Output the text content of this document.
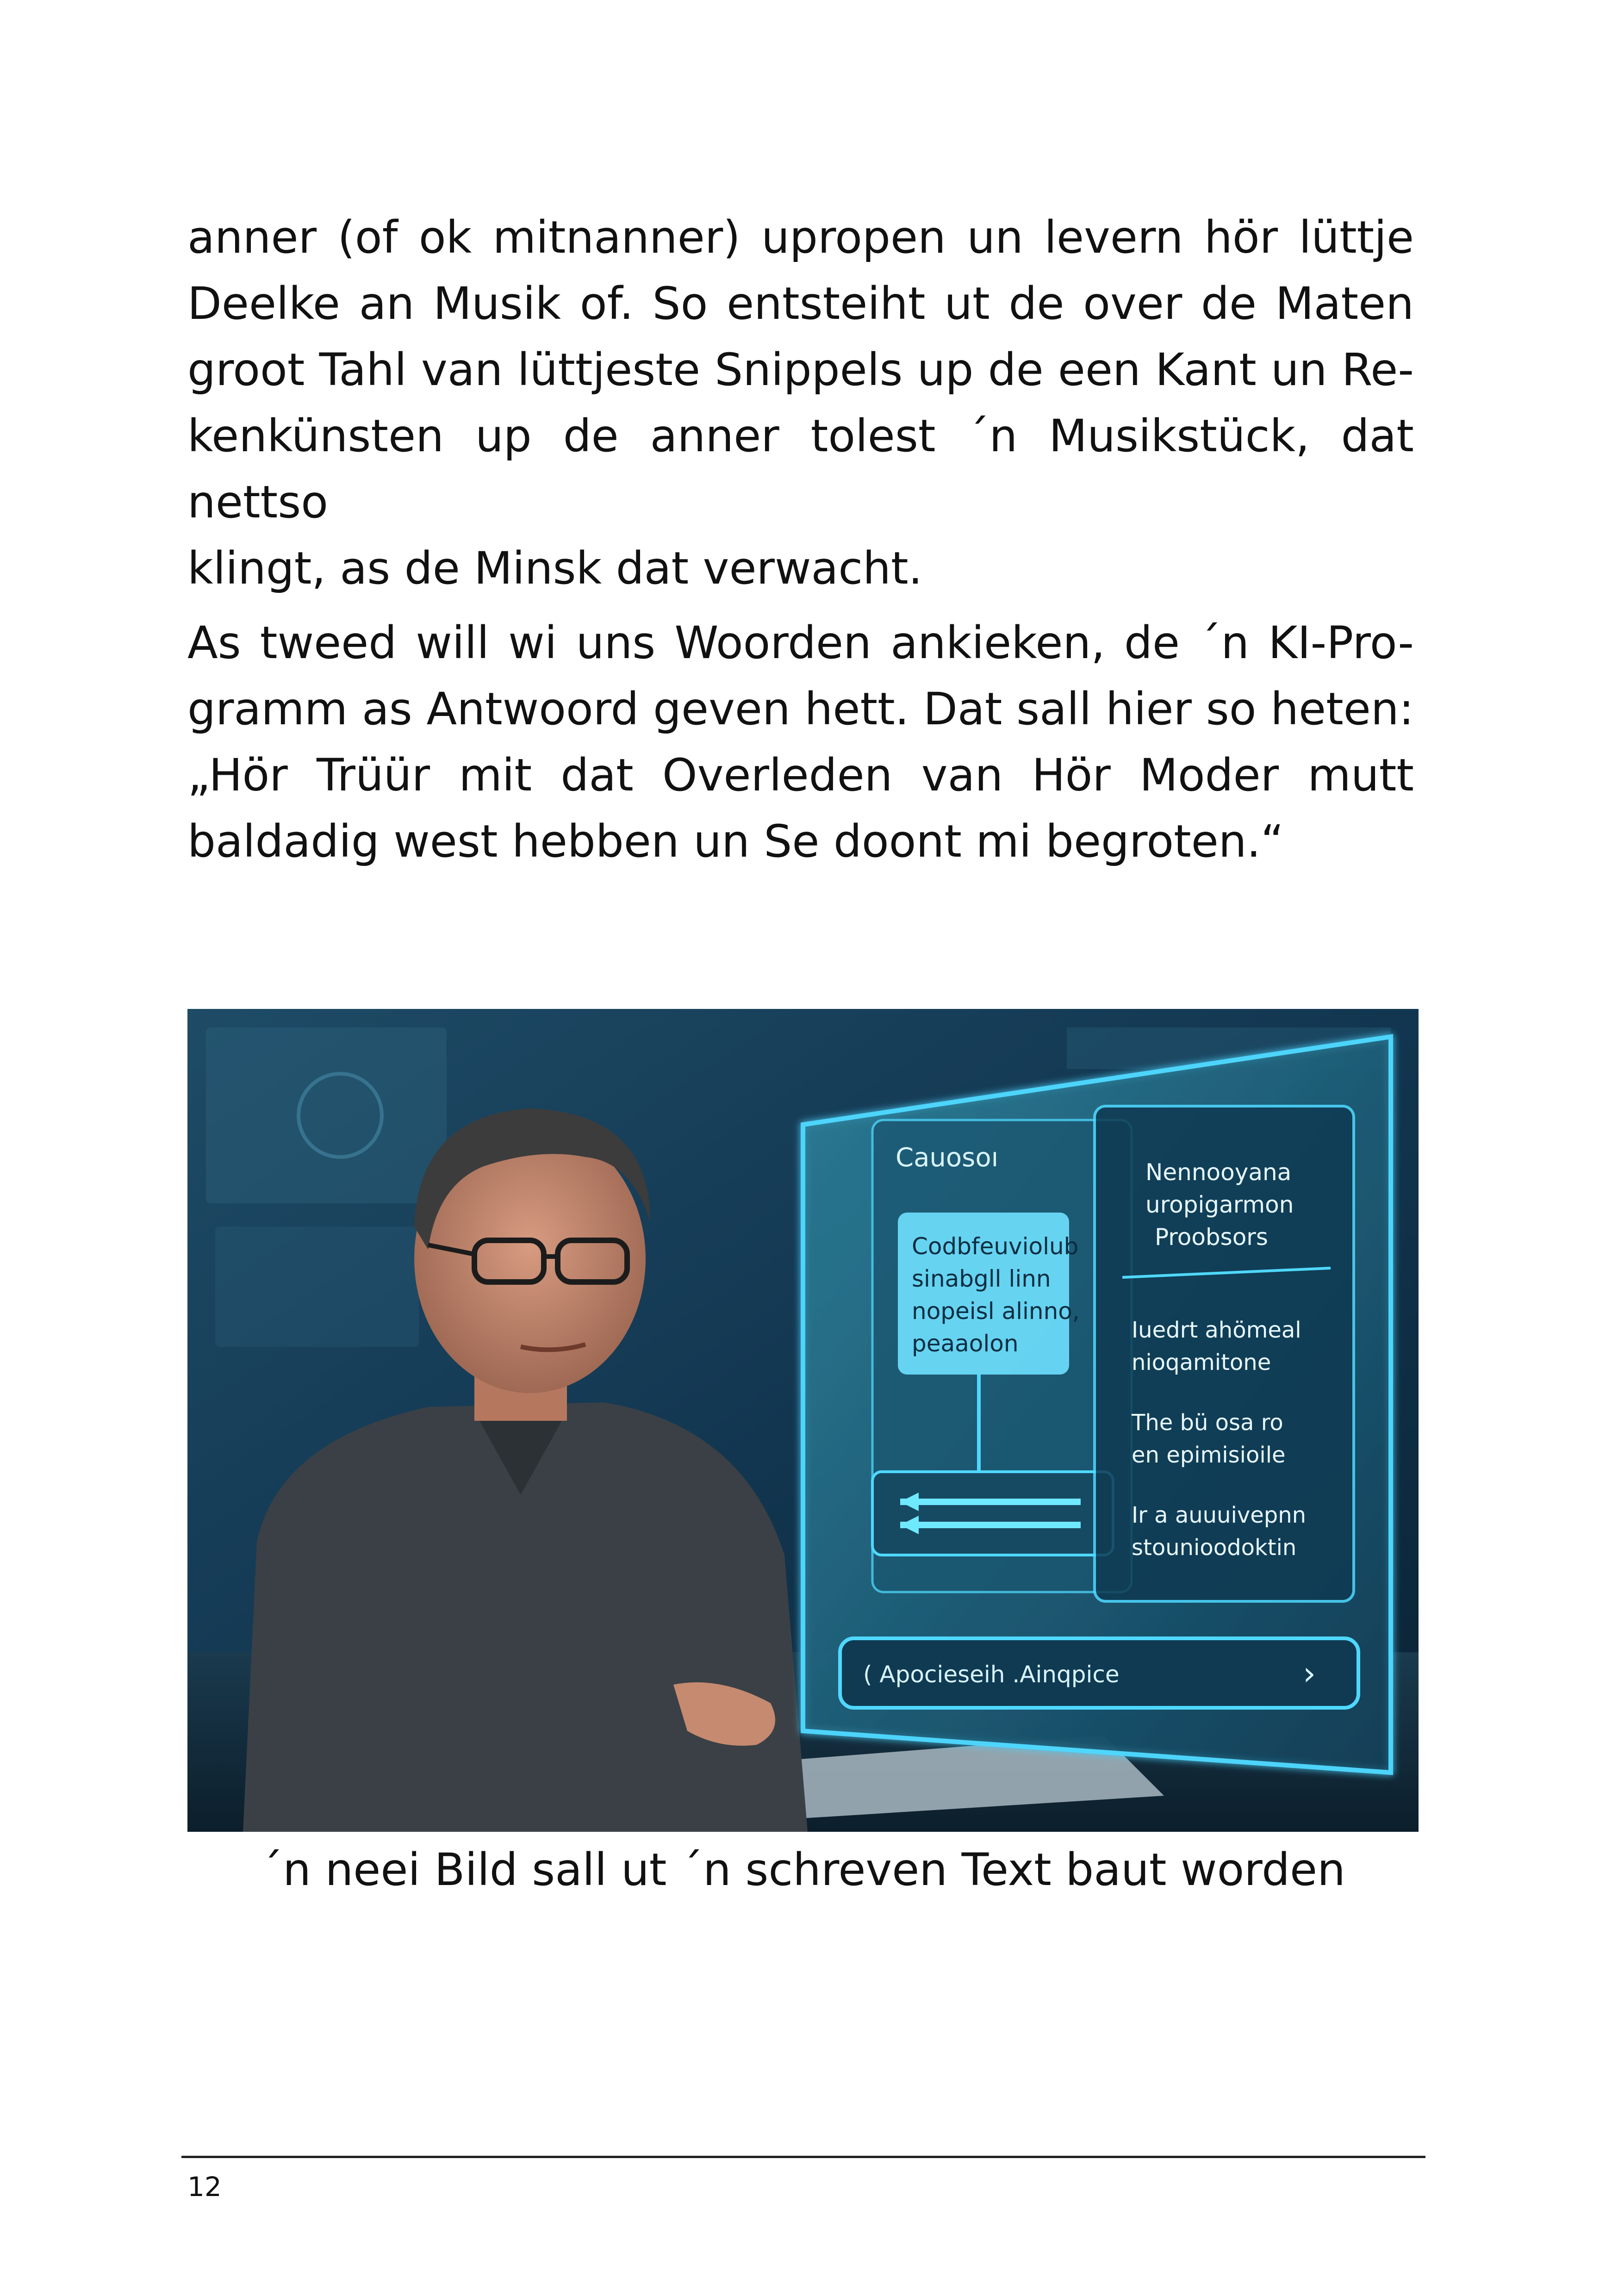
anner (of ok mitnanner) upropen un levern hör lüttje
Deelke an Musik of. So entsteiht ut de over de Maten
groot Tahl van lüttjeste Snippels up de een Kant un Re-
kenkünsten up de anner tolest ´n Musikstück, dat nettso
klingt, as de Minsk dat verwacht.
As tweed will wi uns Woorden ankieken, de ´n KI-Pro-
gramm as Antwoord geven hett. Dat sall hier so heten:
„Hör Trüür mit dat Overleden van Hör Moder mutt
baldadig west hebben un Se doont mi begroten.“
Cauosoı
Codbfeuviolub
sinabgll linn
nopeisl alinno,
peaaolon
Nennooyana
uropigarmon
Proobsors
Iuedrt ahömeal
nioqamitone
The bü osa ro
en epimisioile
Ir a auuuivepnn
stounioodoktin
( Apocieseih .Ainqpice	›

´n neei Bild sall ut ´n schreven Text baut worden

12
